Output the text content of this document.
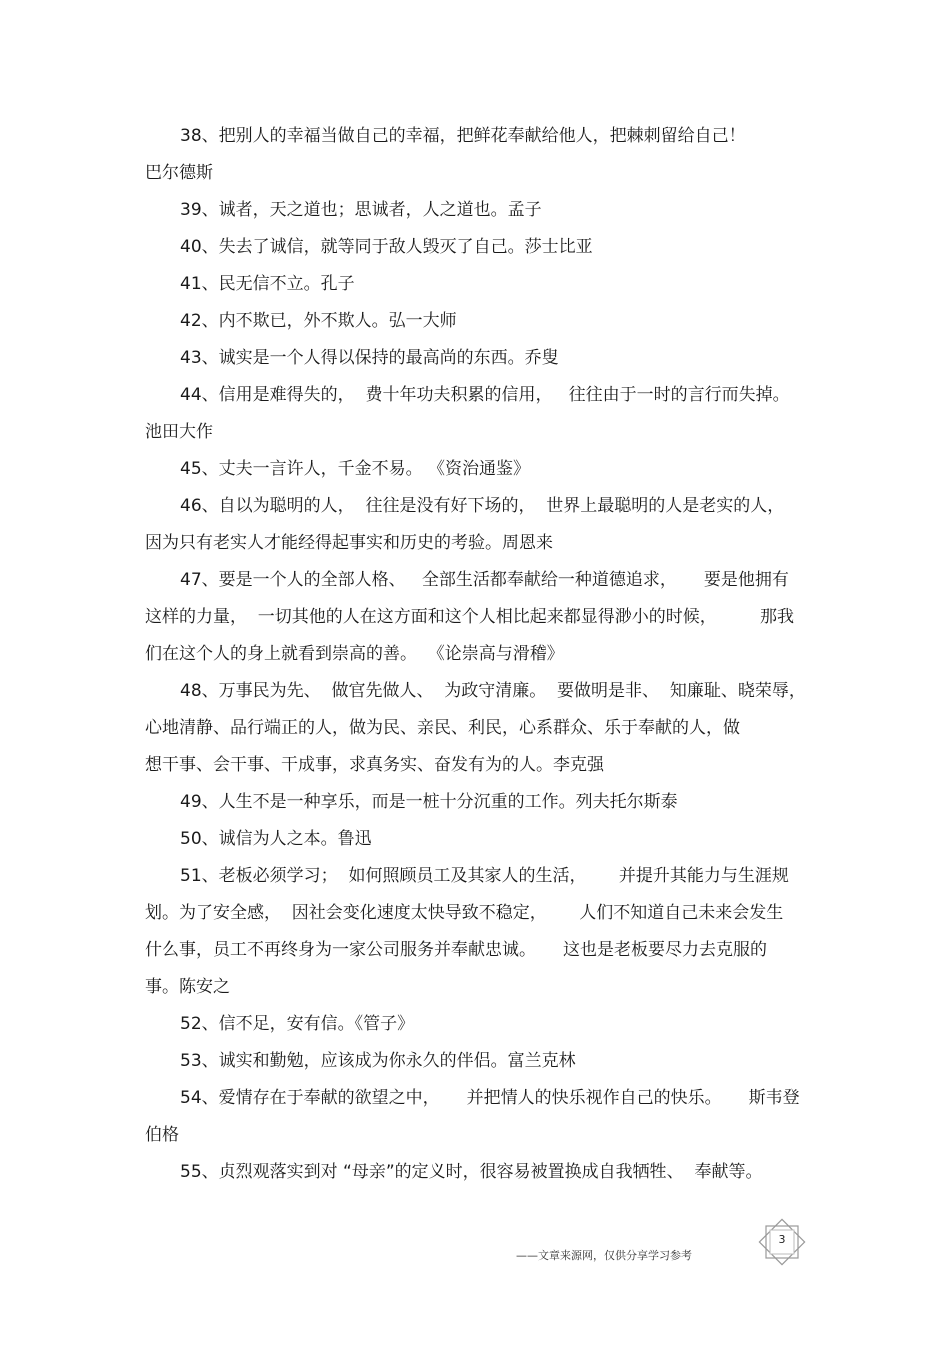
38、把别人的幸福当做自己的幸福，把鲜花奉献给他人，把棘刺留给自己！
巴尔德斯

39、诚者，天之道也；思诚者，人之道也。孟子

40、失去了诚信，就等同于敌人毁灭了自己。莎士比亚

41、民无信不立。孔子

42、内不欺已，外不欺人。弘一大师

43、诚实是一个人得以保持的最高尚的东西。乔叟

44、信用是难得失的，  费十年功夫积累的信用，   往往由于一时的言行而失掉。
池田大作

45、丈夫一言许人，千金不易。 《资治通鉴》

46、自以为聪明的人，  往往是没有好下场的，  世界上最聪明的人是老实的人，
因为只有老实人才能经得起事实和历史的考验。周恩来

47、要是一个人的全部人格、   全部生活都奉献给一种道德追求，     要是他拥有
这样的力量，  一切其他的人在这方面和这个人相比起来都显得渺小的时候，        那我
们在这个人的身上就看到崇高的善。  《论崇高与滑稽》

48、万事民为先、  做官先做人、  为政守清廉。  要做明是非、  知廉耻、晓荣辱，
心地清静、品行端正的人，做为民、亲民、利民，心系群众、乐于奉献的人，做
想干事、会干事、干成事，求真务实、奋发有为的人。李克强

49、人生不是一种享乐，而是一桩十分沉重的工作。列夫托尔斯泰

50、诚信为人之本。鲁迅

51、老板必须学习；  如何照顾员工及其家人的生活，      并提升其能力与生涯规
划。为了安全感，  因社会变化速度太快导致不稳定，      人们不知道自己未来会发生
什么事，员工不再终身为一家公司服务并奉献忠诚。     这也是老板要尽力去克服的
事。陈安之

52、信不足，安有信。《管子》

53、诚实和勤勉，应该成为你永久的伴侣。富兰克林

54、爱情存在于奉献的欲望之中，     并把情人的快乐视作自己的快乐。     斯韦登
伯格

55、贞烈观落实到对 “母亲”的定义时，很容易被置换成自我牺牲、  奉献等。

——文章来源网，仅供分享学习参考
3
